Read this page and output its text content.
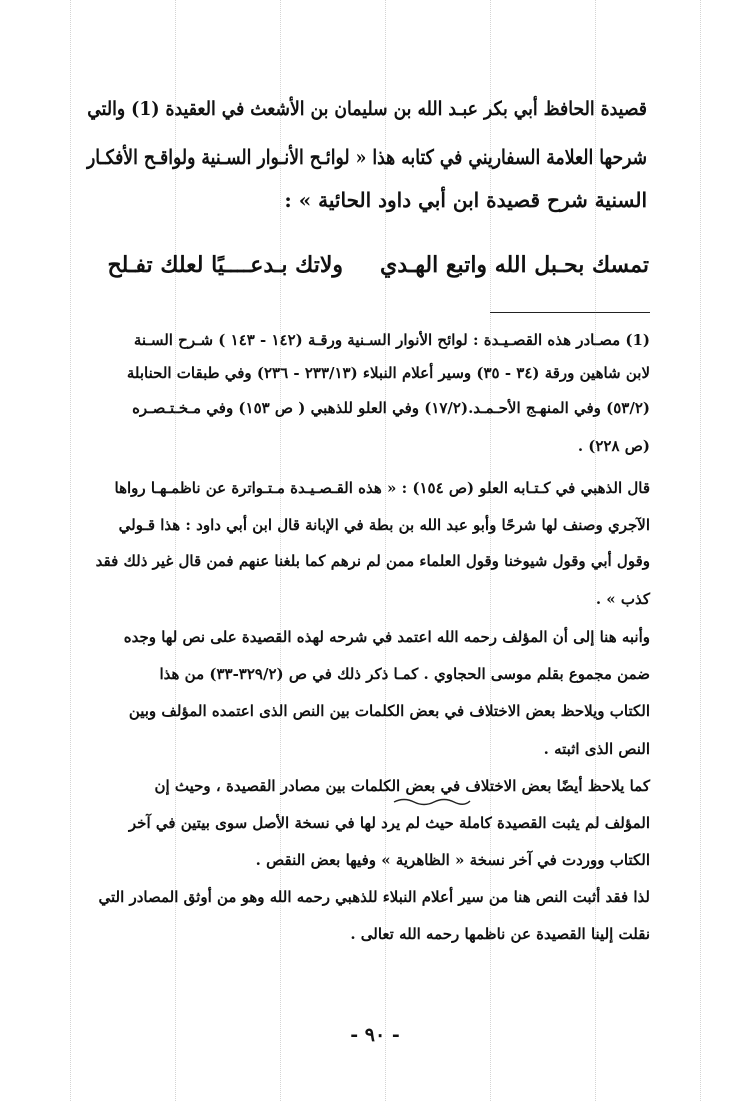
قصيدة الحافظ أبي بكر عبـد الله بن سليمان بن الأشعث في العقيدة (1) والتي
شرحها العلامة السفاريني في كتابه هذا « لوائـح الأنـوار السـنية ولواقـح الأفكـار
السنية شرح قصيدة ابن أبي داود الحائية » :
تمسك بحـبل الله واتبع الهـدي
ولاتك بـدعــــيًا لعلك تفـلح
(1) مصـادر هذه القصـيـدة : لوائح الأنوار السـنية ورقـة (١٤٢ - ١٤٣ ) شـرح السـنة
لابن شاهين ورقة (٣٤ - ٣٥) وسير أعلام النبلاء (٢٣٣/١٣ - ٢٣٦) وفي طبقات الحنابلة
(٥٣/٢) وفي المنهـج الأحـمـد.(١٧/٢) وفي العلو للذهبي ( ص ١٥٣) وفي مـخـتـصـره
(ص ٢٢٨) .
قال الذهبي في كـتـابه العلو (ص ١٥٤) : « هذه القـصـيـدة مـتـواترة عن ناظمـهـا رواها
الآجري وصنف لها شرحًا وأبو عبد الله بن بطة في الإبانة قال ابن أبي داود : هذا قـولي
وقول أبي وقول شيوخنا وقول العلماء ممن لم نرهم كما بلغنا عنهم فمن قال غير ذلك فقد
كذب » .
وأنبه هنا إلى أن المؤلف رحمه الله اعتمد في شرحه لهذه القصيدة على نص لها وجده
ضمن مجموع بقلم موسى الحجاوي . كمـا ذكر ذلك في ص (٣٢٩/٢-٣٣) من هذا
الكتاب ويلاحظ بعض الاختلاف في بعض الكلمات بين النص الذى اعتمده المؤلف وبين
النص الذى اثبته .
كما يلاحظ أيضًا بعض الاختلاف في بعض الكلمات بين مصادر القصيدة ، وحيث إن
المؤلف لم يثبت القصيدة كاملة حيث لم يرد لها في نسخة الأصل سوى بيتين في آخر
الكتاب ووردت في آخر نسخة « الظاهرية » وفيها بعض النقص .
لذا فقد أثبت النص هنا من سير أعلام النبلاء للذهبي رحمه الله وهو من أوثق المصادر التي
نقلت إلينا القصيدة عن ناظمها رحمه الله تعالى .
- ٩٠ -
